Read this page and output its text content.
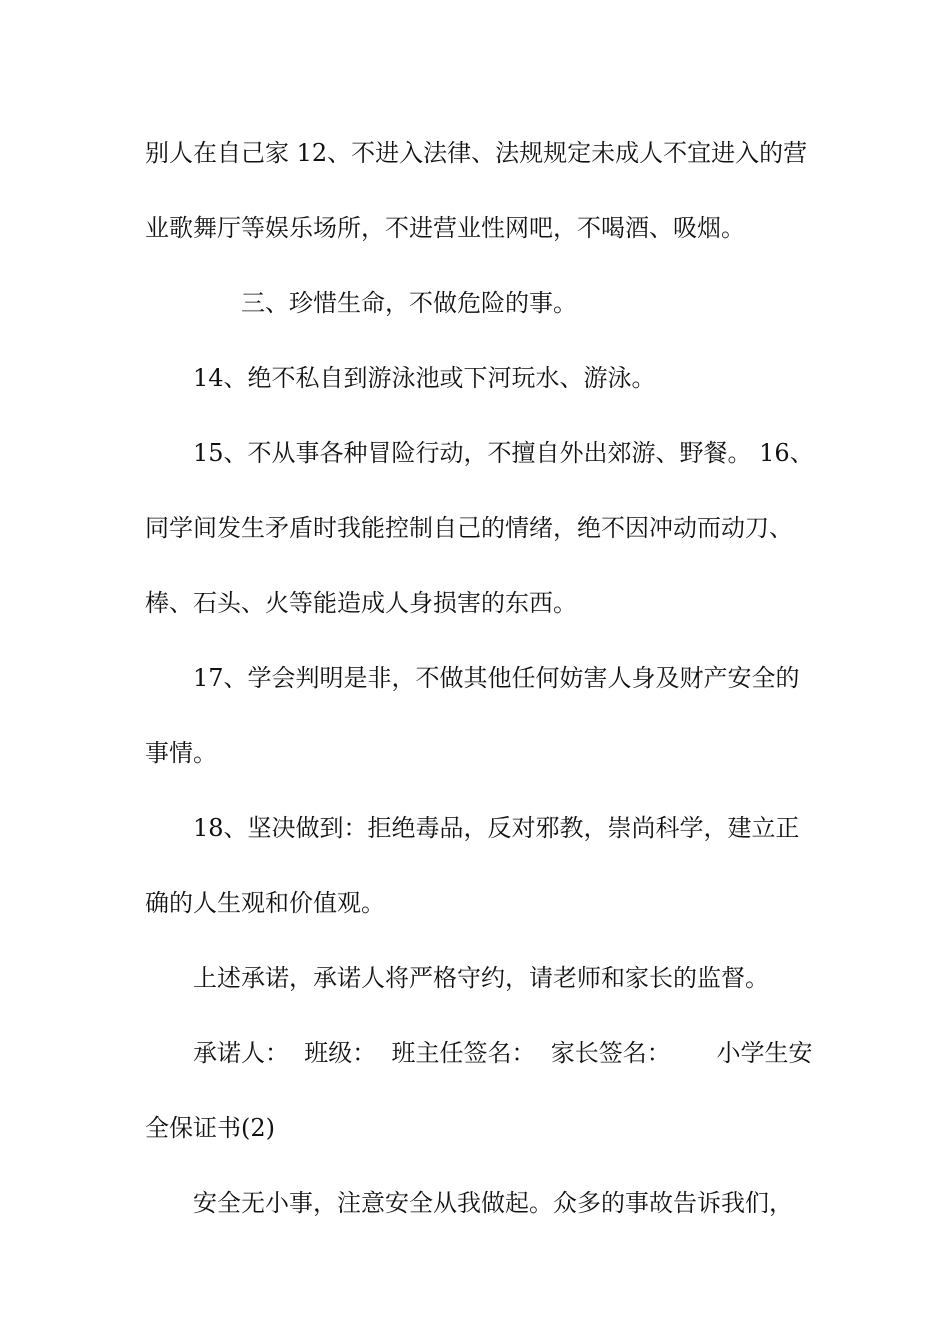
别人在自己家 12、不进入法律、法规规定未成人不宜进入的营
业歌舞厅等娱乐场所，不进营业性网吧，不喝酒、吸烟。
三、珍惜生命，不做危险的事。
14、绝不私自到游泳池或下河玩水、游泳。
15、不从事各种冒险行动，不擅自外出郊游、野餐。 16、
同学间发生矛盾时我能控制自己的情绪，绝不因冲动而动刀、
棒、石头、火等能造成人身损害的东西。
17、学会判明是非，不做其他任何妨害人身及财产安全的
事情。
18、坚决做到：拒绝毒品，反对邪教，崇尚科学，建立正
确的人生观和价值观。
上述承诺，承诺人将严格守约，请老师和家长的监督。
承诺人：  班级：  班主任签名：  家长签名：      小学生安
全保证书(2)
安全无小事，注意安全从我做起。众多的事故告诉我们，
